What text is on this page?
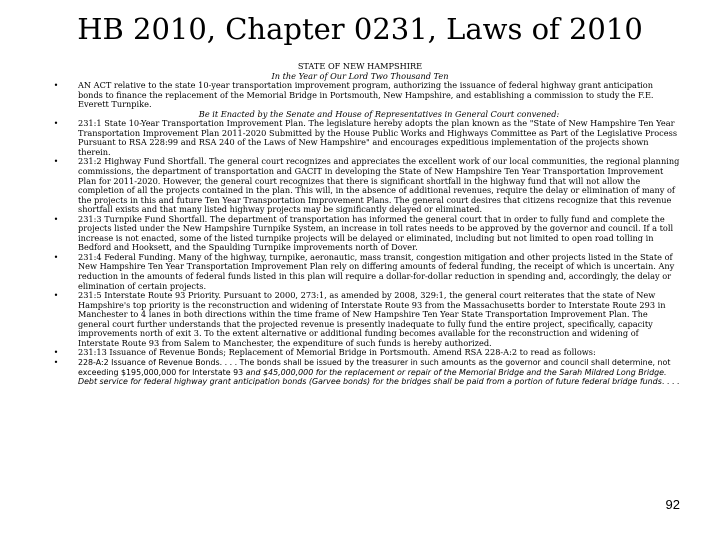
HB 2010, Chapter 0231, Laws of 2010
STATE OF NEW HAMPSHIRE
In the Year of Our Lord Two Thousand Ten
• AN ACT relative to the state 10-year transportation improvement program, authorizing the issuance of federal highway grant anticipation bonds to finance the replacement of the Memorial Bridge in Portsmouth, New Hampshire, and establishing a commission to study the F.E. Everett Turnpike.
Be it Enacted by the Senate and House of Representatives in General Court convened:
• 231:1 State 10-Year Transportation Improvement Plan. The legislature hereby adopts the plan known as the "State of New Hampshire Ten Year Transportation Improvement Plan 2011-2020 Submitted by the House Public Works and Highways Committee as Part of the Legislative Process Pursuant to RSA 228:99 and RSA 240 of the Laws of New Hampshire" and encourages expeditious implementation of the projects shown therein.
• 231:2 Highway Fund Shortfall. The general court recognizes and appreciates the excellent work of our local communities, the regional planning commissions, the department of transportation and GACIT in developing the State of New Hampshire Ten Year Transportation Improvement Plan for 2011-2020. However, the general court recognizes that there is significant shortfall in the highway fund that will not allow the completion of all the projects contained in the plan. This will, in the absence of additional revenues, require the delay or elimination of many of the projects in this and future Ten Year Transportation Improvement Plans. The general court desires that citizens recognize that this revenue shortfall exists and that many listed highway projects may be significantly delayed or eliminated.
• 231:3 Turnpike Fund Shortfall. The department of transportation has informed the general court that in order to fully fund and complete the projects listed under the New Hampshire Turnpike System, an increase in toll rates needs to be approved by the governor and council. If a toll increase is not enacted, some of the listed turnpike projects will be delayed or eliminated, including but not limited to open road tolling in Bedford and Hooksett, and the Spaulding Turnpike improvements north of Dover.
• 231:4 Federal Funding. Many of the highway, turnpike, aeronautic, mass transit, congestion mitigation and other projects listed in the State of New Hampshire Ten Year Transportation Improvement Plan rely on differing amounts of federal funding, the receipt of which is uncertain. Any reduction in the amounts of federal funds listed in this plan will require a dollar-for-dollar reduction in spending and, accordingly, the delay or elimination of certain projects.
• 231:5 Interstate Route 93 Priority. Pursuant to 2000, 273:1, as amended by 2008, 329:1, the general court reiterates that the state of New Hampshire's top priority is the reconstruction and widening of Interstate Route 93 from the Massachusetts border to Interstate Route 293 in Manchester to 4 lanes in both directions within the time frame of New Hampshire Ten Year State Transportation Improvement Plan. The general court further understands that the projected revenue is presently inadequate to fully fund the entire project, specifically, capacity improvements north of exit 3. To the extent alternative or additional funding becomes available for the reconstruction and widening of Interstate Route 93 from Salem to Manchester, the expenditure of such funds is hereby authorized.
• 231:13 Issuance of Revenue Bonds; Replacement of Memorial Bridge in Portsmouth. Amend RSA 228-A:2 to read as follows:
• 228-A:2 Issuance of Revenue Bonds. . . . The bonds shall be issued by the treasurer in such amounts as the governor and council shall determine, not exceeding $195,000,000 for Interstate 93 and $45,000,000 for the replacement or repair of the Memorial Bridge and the Sarah Mildred Long Bridge. Debt service for federal highway grant anticipation bonds (Garvee bonds) for the bridges shall be paid from a portion of future federal bridge funds. . . .
92
